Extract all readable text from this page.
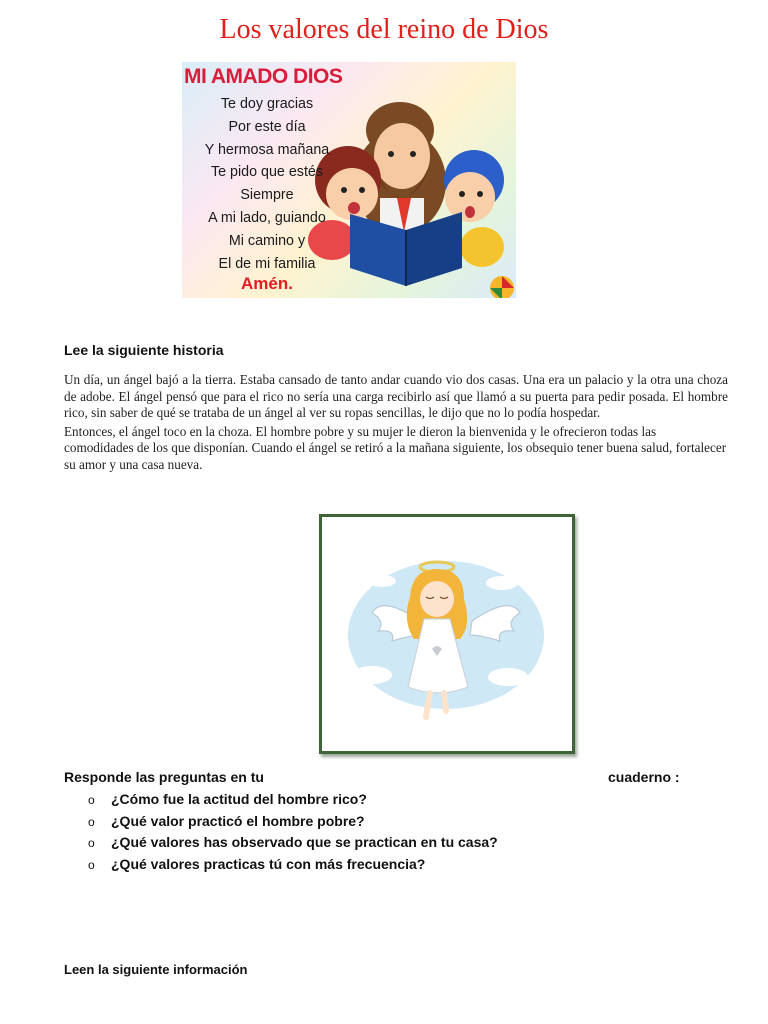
Los valores del reino de Dios
MI AMADO DIOS
Te doy gracias
Por este día
Y hermosa mañana
Te pido que estés
Siempre
A mi lado, guiando
Mi camino y
El de mi familia
Amén.
Lee la siguiente historia

Un día, un ángel bajó a la tierra. Estaba cansado de tanto andar cuando vio dos casas. Una era un palacio y la otra una choza de adobe. El ángel pensó que para el rico no sería una carga recibirlo así que llamó a su puerta para pedir posada. El hombre rico, sin saber de qué se trataba de un ángel al ver su ropas sencillas, le dijo que no lo podía hospedar.

Entonces, el ángel toco en la choza. El hombre pobre y su mujer le dieron la bienvenida y le ofrecieron todas las comodidades de los que disponían. Cuando el ángel se retiró a la mañana siguiente, los obsequio tener buena salud, fortalecer su amor y una casa nueva.

Responde las preguntas en tu	cuaderno :
o ¿Cómo fue la actitud del hombre rico?
o ¿Qué valor practicó el hombre pobre?
o ¿Qué valores has observado que se practican en tu casa?
o ¿Qué valores practicas tú con más frecuencia?
Leen la siguiente información
